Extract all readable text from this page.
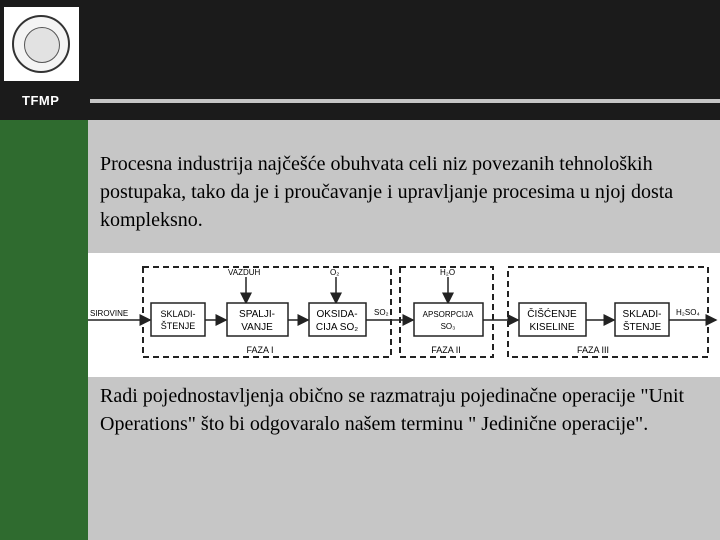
TFMP

Procesna industrija najčešće obuhvata celi niz povezanih tehnoloških postupaka, tako da je i proučavanje i upravljanje procesima u njoj dosta kompleksno.

SKLADI-
ŠTENJE
SPALJI-
VANJE
OKSIDA-
CIJA SO₂
APSORPCIJA
SO₃
ČIŠĆENJE
KISELINE
SKLADI-
ŠTENJE
SIROVINE
VAZDUH	O₂	H₂O
SO₂	H₂SO₄
FAZA I	FAZA II	FAZA III

Radi pojednostavljenja obično se razmatraju pojedinačne operacije "Unit Operations" što bi odgovaralo našem terminu " Jedinične operacije".
